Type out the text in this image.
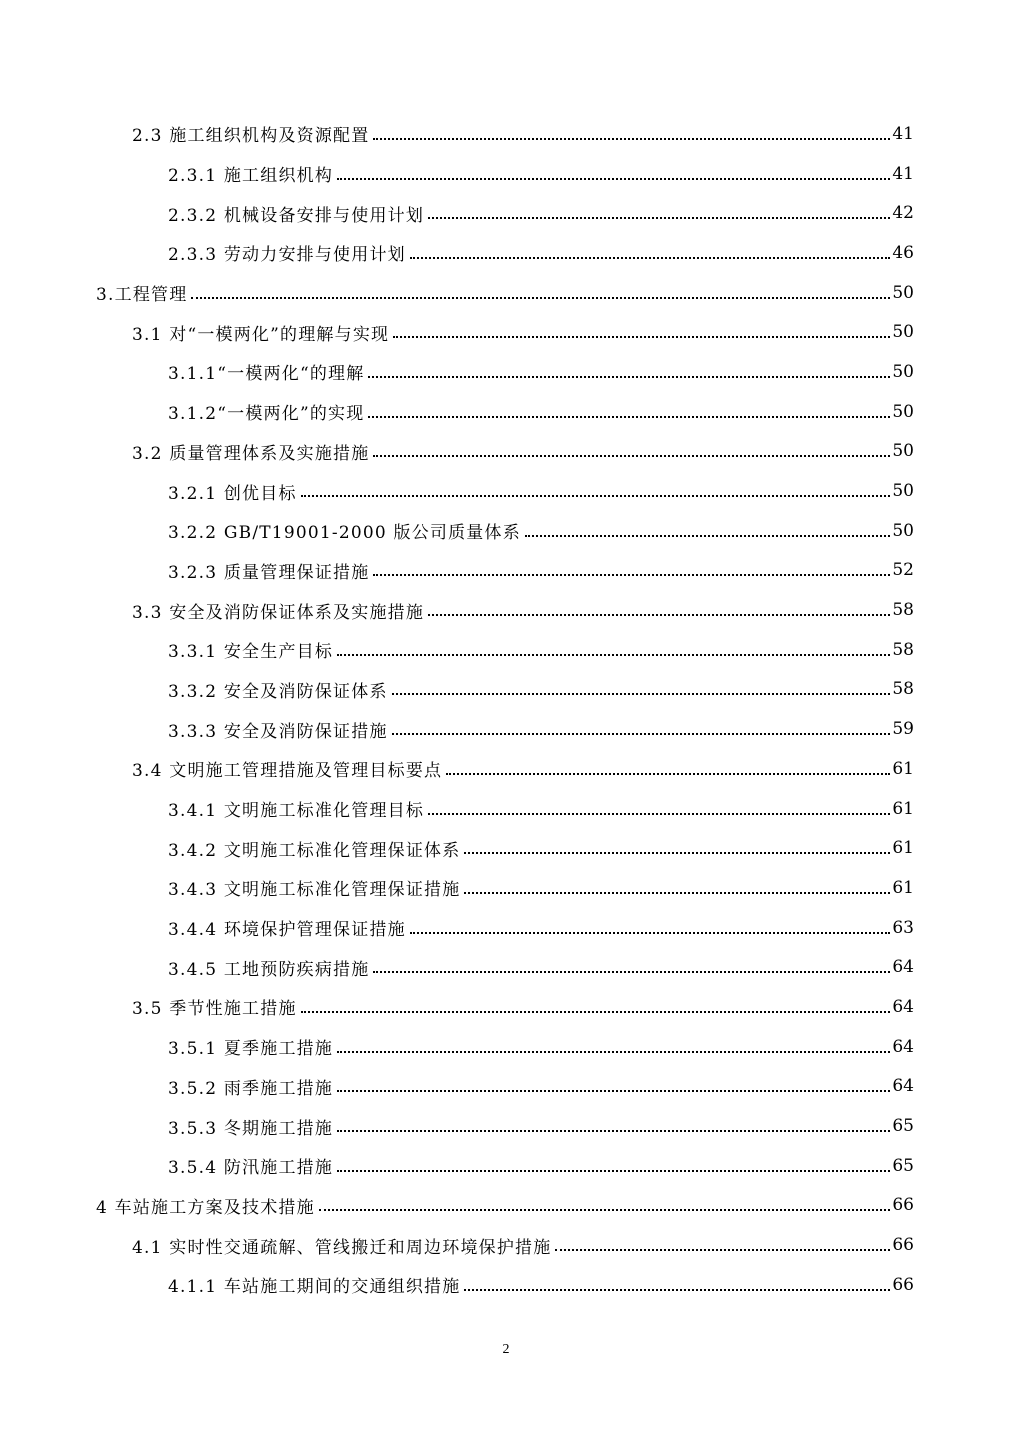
2.3 施工组织机构及资源配置	41
2.3.1 施工组织机构	41
2.3.2 机械设备安排与使用计划	42
2.3.3 劳动力安排与使用计划	46
3.工程管理	50
3.1 对“一模两化”的理解与实现	50
3.1.1“一模两化“的理解	50
3.1.2“一模两化”的实现	50
3.2 质量管理体系及实施措施	50
3.2.1 创优目标	50
3.2.2 GB/T19001-2000 版公司质量体系	50
3.2.3 质量管理保证措施	52
3.3 安全及消防保证体系及实施措施	58
3.3.1 安全生产目标	58
3.3.2 安全及消防保证体系	58
3.3.3 安全及消防保证措施	59
3.4 文明施工管理措施及管理目标要点	61
3.4.1 文明施工标准化管理目标	61
3.4.2 文明施工标准化管理保证体系	61
3.4.3 文明施工标准化管理保证措施	61
3.4.4 环境保护管理保证措施	63
3.4.5 工地预防疾病措施	64
3.5 季节性施工措施	64
3.5.1 夏季施工措施	64
3.5.2 雨季施工措施	64
3.5.3 冬期施工措施	65
3.5.4 防汛施工措施	65
4 车站施工方案及技术措施	66
4.1 实时性交通疏解、管线搬迁和周边环境保护措施	66
4.1.1 车站施工期间的交通组织措施	66
2
